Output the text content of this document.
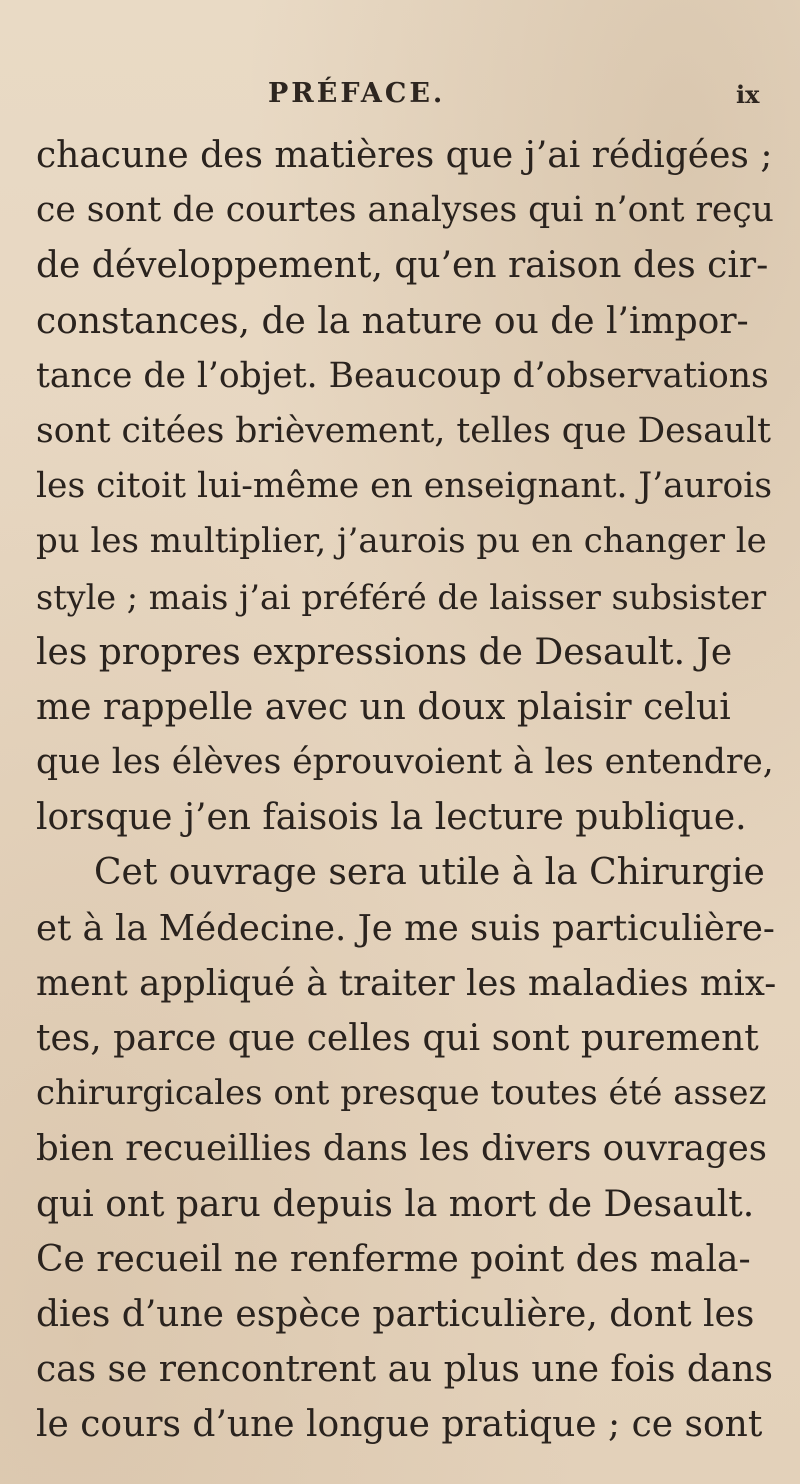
PRÉFACE.	ix
chacune des matières que j’ai rédigées ;
ce sont de courtes analyses qui n’ont reçu
de développement, qu’en raison des cir-
constances, de la nature ou de l’impor-
tance de l’objet. Beaucoup d’observations
sont citées brièvement, telles que Desault
les citoit lui-même en enseignant. J’aurois
pu les multiplier, j’aurois pu en changer le
style ; mais j’ai préféré de laisser subsister
les propres expressions de Desault. Je
me rappelle avec un doux plaisir celui
que les élèves éprouvoient à les entendre,
lorsque j’en faisois la lecture publique.
Cet ouvrage sera utile à la Chirurgie
et à la Médecine. Je me suis particulière-
ment appliqué à traiter les maladies mix-
tes, parce que celles qui sont purement
chirurgicales ont presque toutes été assez
bien recueillies dans les divers ouvrages
qui ont paru depuis la mort de Desault.
Ce recueil ne renferme point des mala-
dies d’une espèce particulière, dont les
cas se rencontrent au plus une fois dans
le cours d’une longue pratique ; ce sont
